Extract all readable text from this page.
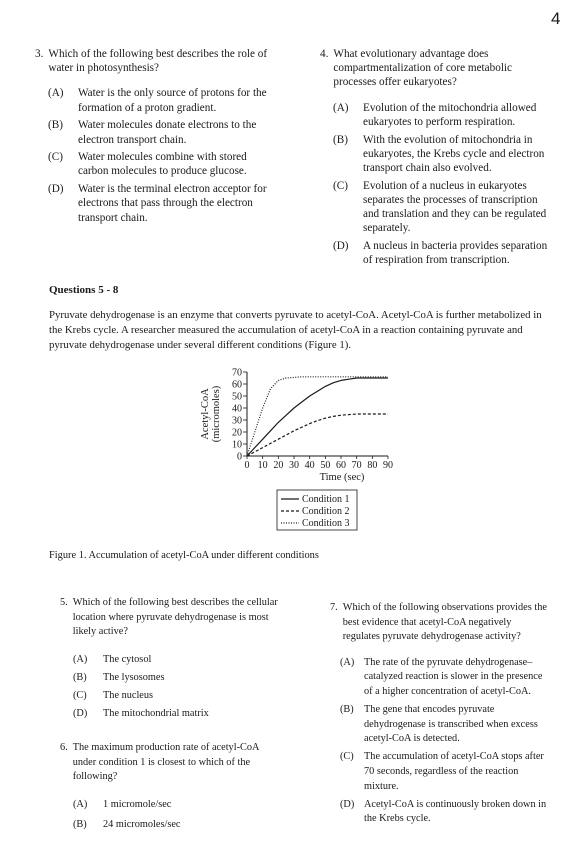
4
3. Which of the following best describes the role of water in photosynthesis?
(A)	Water is the only source of protons for the formation of a proton gradient.
(B)	Water molecules donate electrons to the electron transport chain.
(C)	Water molecules combine with stored carbon molecules to produce glucose.
(D)	Water is the terminal electron acceptor for electrons that pass through the electron transport chain.
4. What evolutionary advantage does compartmentalization of core metabolic processes offer eukaryotes?
(A)	Evolution of the mitochondria allowed eukaryotes to perform respiration.
(B)	With the evolution of mitochondria in eukaryotes, the Krebs cycle and electron transport chain also evolved.
(C)	Evolution of a nucleus in eukaryotes separates the processes of transcription and translation and they can be regulated separately.
(D)	A nucleus in bacteria provides separation of respiration from transcription.
Questions 5 - 8
Pyruvate dehydrogenase is an enzyme that converts pyruvate to acetyl-CoA. Acetyl-CoA is further metabolized in the Krebs cycle. A researcher measured the accumulation of acetyl-CoA in a reaction containing pyruvate and pyruvate dehydrogenase under several different conditions (Figure 1).
Acetyl-CoA (micromoles)
0
10
20
30
40
50
60
70
0 10 20 30 40 50 60 70 80 90
Time (sec)
Condition 1
Condition 2
Condition 3
Figure 1. Accumulation of acetyl-CoA under different conditions
5. Which of the following best describes the cellular location where pyruvate dehydrogenase is most likely active?
(A)	The cytosol
(B)	The lysosomes
(C)	The nucleus
(D)	The mitochondrial matrix
6. The maximum production rate of acetyl-CoA under condition 1 is closest to which of the following?
(A)	1 micromole/sec
(B)	24 micromoles/sec
7. Which of the following observations provides the best evidence that acetyl-CoA negatively regulates pyruvate dehydrogenase activity?
(A) The rate of the pyruvate dehydrogenase–catalyzed reaction is slower in the presence of a higher concentration of acetyl-CoA.
(B) The gene that encodes pyruvate dehydrogenase is transcribed when excess acetyl-CoA is detected.
(C) The accumulation of acetyl-CoA stops after 70 seconds, regardless of the reaction mixture.
(D) Acetyl-CoA is continuously broken down in the Krebs cycle.
